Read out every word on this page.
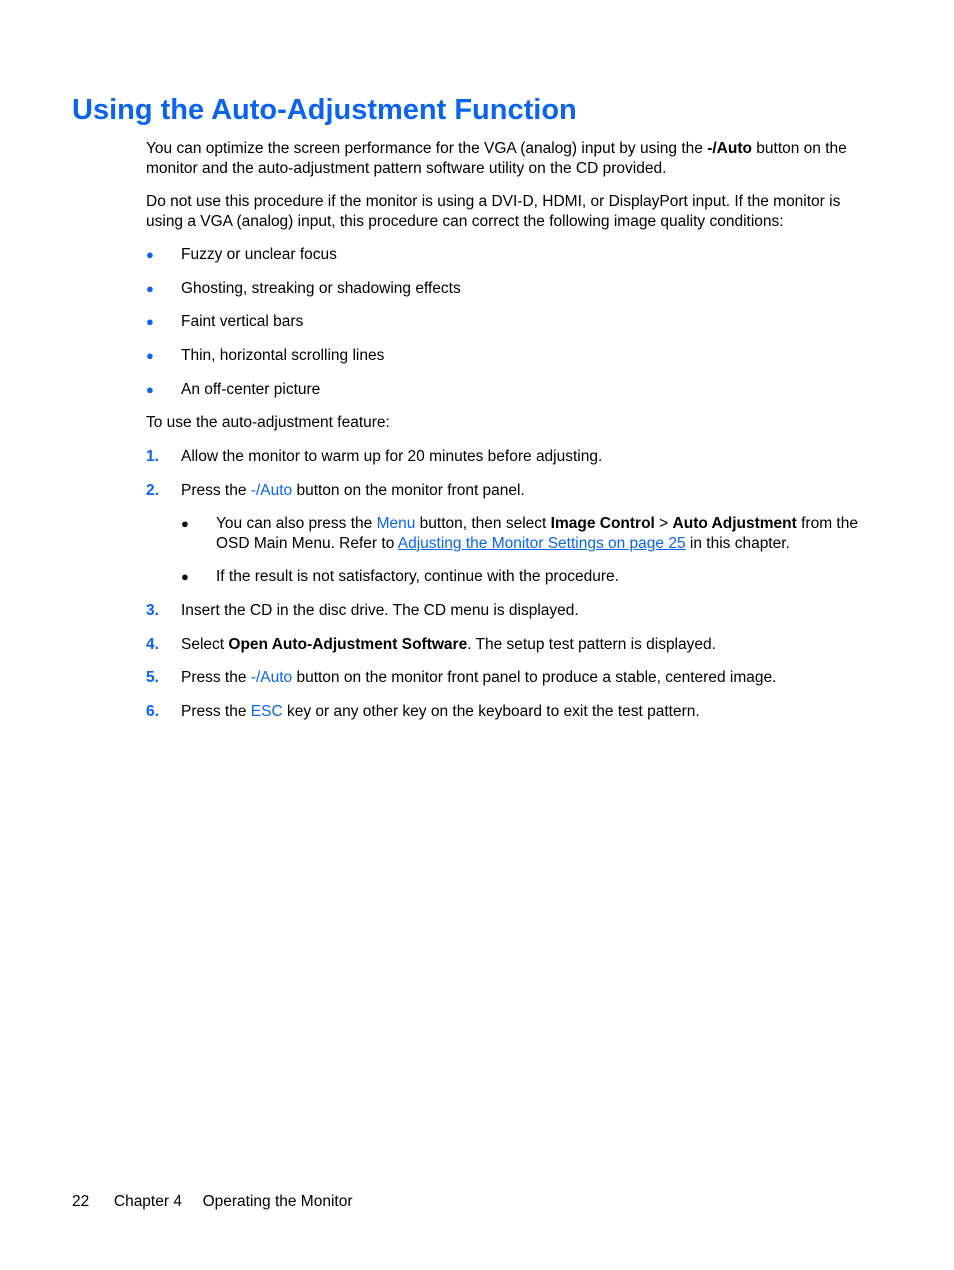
Using the Auto-Adjustment Function

You can optimize the screen performance for the VGA (analog) input by using the -/Auto button on the monitor and the auto-adjustment pattern software utility on the CD provided.

Do not use this procedure if the monitor is using a DVI-D, HDMI, or DisplayPort input. If the monitor is using a VGA (analog) input, this procedure can correct the following image quality conditions:

●	Fuzzy or unclear focus
●	Ghosting, streaking or shadowing effects
●	Faint vertical bars
●	Thin, horizontal scrolling lines
●	An off-center picture

To use the auto-adjustment feature:

1. Allow the monitor to warm up for 20 minutes before adjusting.
2. Press the -/Auto button on the monitor front panel.
● You can also press the Menu button, then select Image Control > Auto Adjustment from the OSD Main Menu. Refer to Adjusting the Monitor Settings on page 25 in this chapter.
● If the result is not satisfactory, continue with the procedure.
3. Insert the CD in the disc drive. The CD menu is displayed.
4. Select Open Auto-Adjustment Software. The setup test pattern is displayed.
5. Press the -/Auto button on the monitor front panel to produce a stable, centered image.
6. Press the ESC key or any other key on the keyboard to exit the test pattern.
22 Chapter 4 Operating the Monitor
